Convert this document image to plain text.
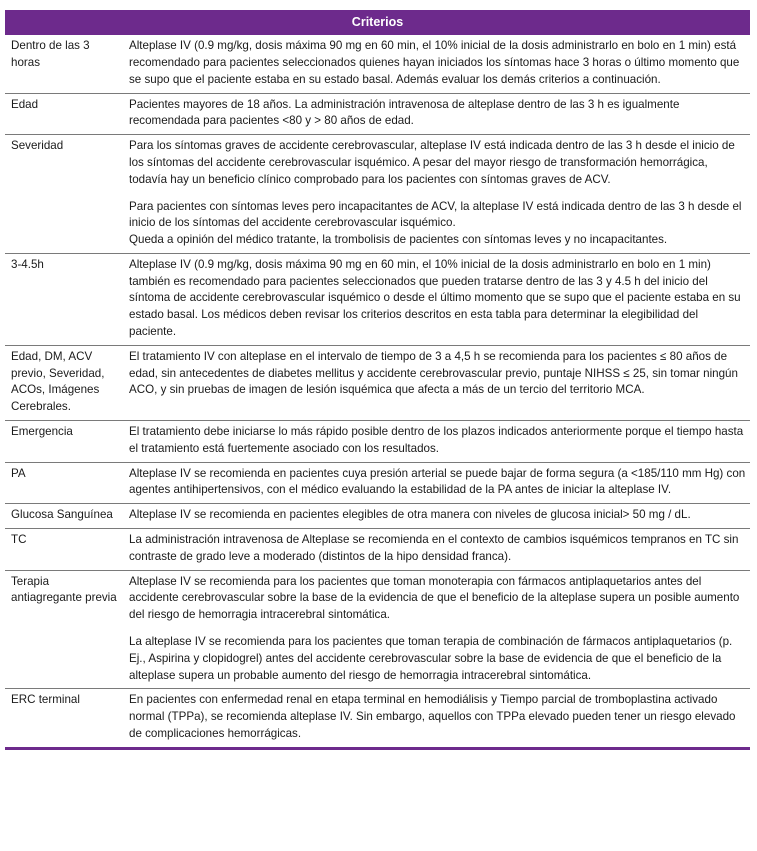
Criterios	
Dentro de las 3 horas	Alteplase IV (0.9 mg/kg, dosis máxima 90 mg en 60 min, el 10% inicial de la dosis administrarlo en bolo en 1 min) está recomendado para pacientes seleccionados quienes hayan iniciados los síntomas hace 3 horas o último momento que se supo que el paciente estaba en su estado basal. Además evaluar los demás criterios a continuación.
Edad	Pacientes mayores de 18 años. La administración intravenosa de alteplase dentro de las 3 h es igualmente recomendada para pacientes <80 y > 80 años de edad.
Severidad	Para los síntomas graves de accidente cerebrovascular, alteplase IV está indicada dentro de las 3 h desde el inicio de los síntomas del accidente cerebrovascular isquémico. A pesar del mayor riesgo de transformación hemorrágica, todavía hay un beneficio clínico comprobado para los pacientes con síntomas graves de ACV.

	Para pacientes con síntomas leves pero incapacitantes de ACV, la alteplase IV está indicada dentro de las 3 h desde el inicio de los síntomas del accidente cerebrovascular isquémico.
Queda a opinión del médico tratante, la trombolisis de pacientes con síntomas leves y no incapacitantes.

3-4.5h	Alteplase IV (0.9 mg/kg, dosis máxima 90 mg en 60 min, el 10% inicial de la dosis administrarlo en bolo en 1 min) también es recomendado para pacientes seleccionados que pueden tratarse dentro de las 3 y 4.5 h del inicio del síntoma de accidente cerebrovascular isquémico o desde el último momento que se supo que el paciente estaba en su estado basal. Los médicos deben revisar los criterios descritos en esta tabla para determinar la elegibilidad del paciente.
Edad, DM, ACV previo, Severidad, ACOs, Imágenes Cerebrales.	El tratamiento IV con alteplase en el intervalo de tiempo de 3 a 4,5 h se recomienda para los pacientes ≤ 80 años de edad, sin antecedentes de diabetes mellitus y accidente cerebrovascular previo, puntaje NIHSS ≤ 25, sin tomar ningún ACO, y sin pruebas de imagen de lesión isquémica que afecta a más de un tercio del territorio MCA.
Emergencia	El tratamiento debe iniciarse lo más rápido posible dentro de los plazos indicados anteriormente porque el tiempo hasta el tratamiento está fuertemente asociado con los resultados.
PA	Alteplase IV se recomienda en pacientes cuya presión arterial se puede bajar de forma segura (a <185/110 mm Hg) con agentes antihipertensivos, con el médico evaluando la estabilidad de la PA antes de iniciar la alteplase IV.
Glucosa Sanguínea	Alteplase IV se recomienda en pacientes elegibles de otra manera con niveles de glucosa inicial> 50 mg / dL.
TC	La administración intravenosa de Alteplase se recomienda en el contexto de cambios isquémicos tempranos en TC sin contraste de grado leve a moderado (distintos de la hipo densidad franca).
Terapia antiagregante previa	Alteplase IV se recomienda para los pacientes que toman monoterapia con fármacos antiplaquetarios antes del accidente cerebrovascular sobre la base de la evidencia de que el beneficio de la alteplase supera un posible aumento del riesgo de hemorragia intracerebral sintomática.
	La alteplase IV se recomienda para los pacientes que toman terapia de combinación de fármacos antiplaquetarios (p. Ej., Aspirina y clopidogrel) antes del accidente cerebrovascular sobre la base de evidencia de que el beneficio de la alteplase supera un probable aumento del riesgo de hemorragia intracerebral sintomática.
ERC terminal	En pacientes con enfermedad renal en etapa terminal en hemodiálisis y Tiempo parcial de tromboplastina activado normal (TPPa), se recomienda alteplase IV. Sin embargo, aquellos con TPPa elevado pueden tener un riesgo elevado de complicaciones hemorrágicas.
